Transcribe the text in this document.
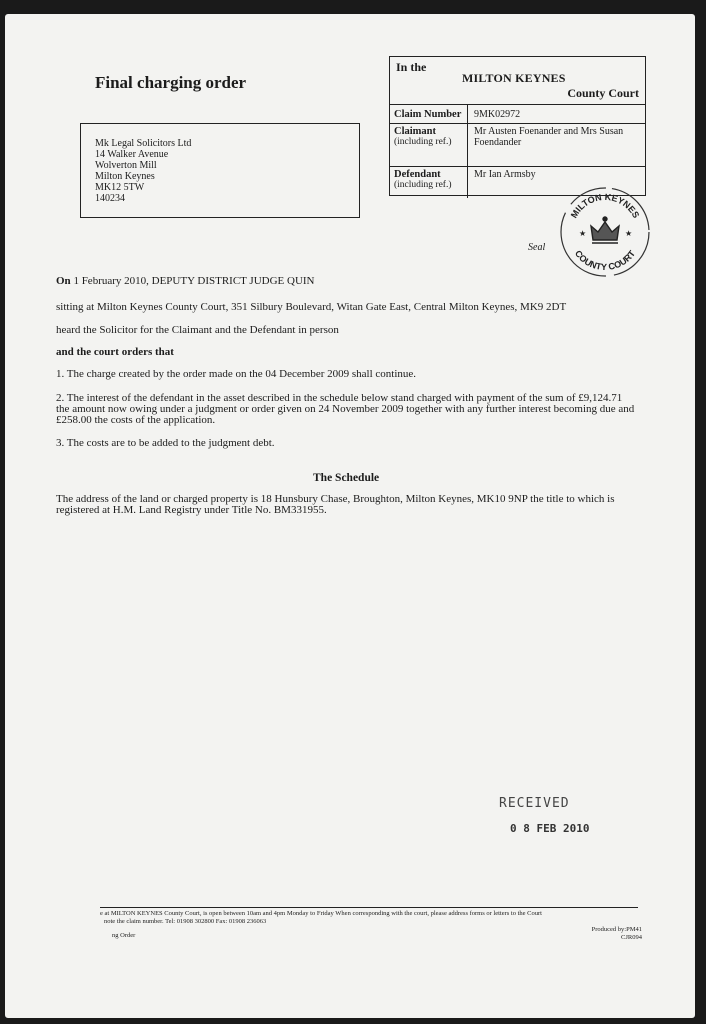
Final charging order
Mk Legal Solicitors Ltd
14 Walker Avenue
Wolverton Mill
Milton Keynes
MK12 5TW
140234
In the
MILTON KEYNES
County Court
Claim Number	9MK02972
Claimant
(including ref.)
Mr Austen Foenander and Mrs Susan Foendander
Defendant
(including ref.)
Mr Ian Armsby
Seal
MILTON KEYNES
COUNTY COURT
★	★
On 1 February 2010, DEPUTY DISTRICT JUDGE QUIN
sitting at Milton Keynes County Court, 351 Silbury Boulevard, Witan Gate East, Central Milton Keynes, MK9 2DT
heard the Solicitor for the Claimant and the Defendant in person
and the court orders that
1. The charge created by the order made on the 04 December 2009 shall continue.
2. The interest of the defendant in the asset described in the schedule below stand charged with payment of the sum of £9,124.71 the amount now owing under a judgment or order given on 24 November 2009 together with any further interest becoming due and £258.00 the costs of the application.
3. The costs are to be added to the judgment debt.
The Schedule
The address of the land or charged property is 18 Hunsbury Chase, Broughton, Milton Keynes, MK10 9NP the title to which is registered at H.M. Land Registry under Title No. BM331955.
RECEIVED
0 8 FEB 2010
e at MILTON KEYNES County Court, is open between 10am and 4pm Monday to Friday When corresponding with the court, please address forms or letters to the Court
note the claim number. Tel: 01908 302800 Fax: 01908 236063
ng Order
Produced by:PM41
CJR094
